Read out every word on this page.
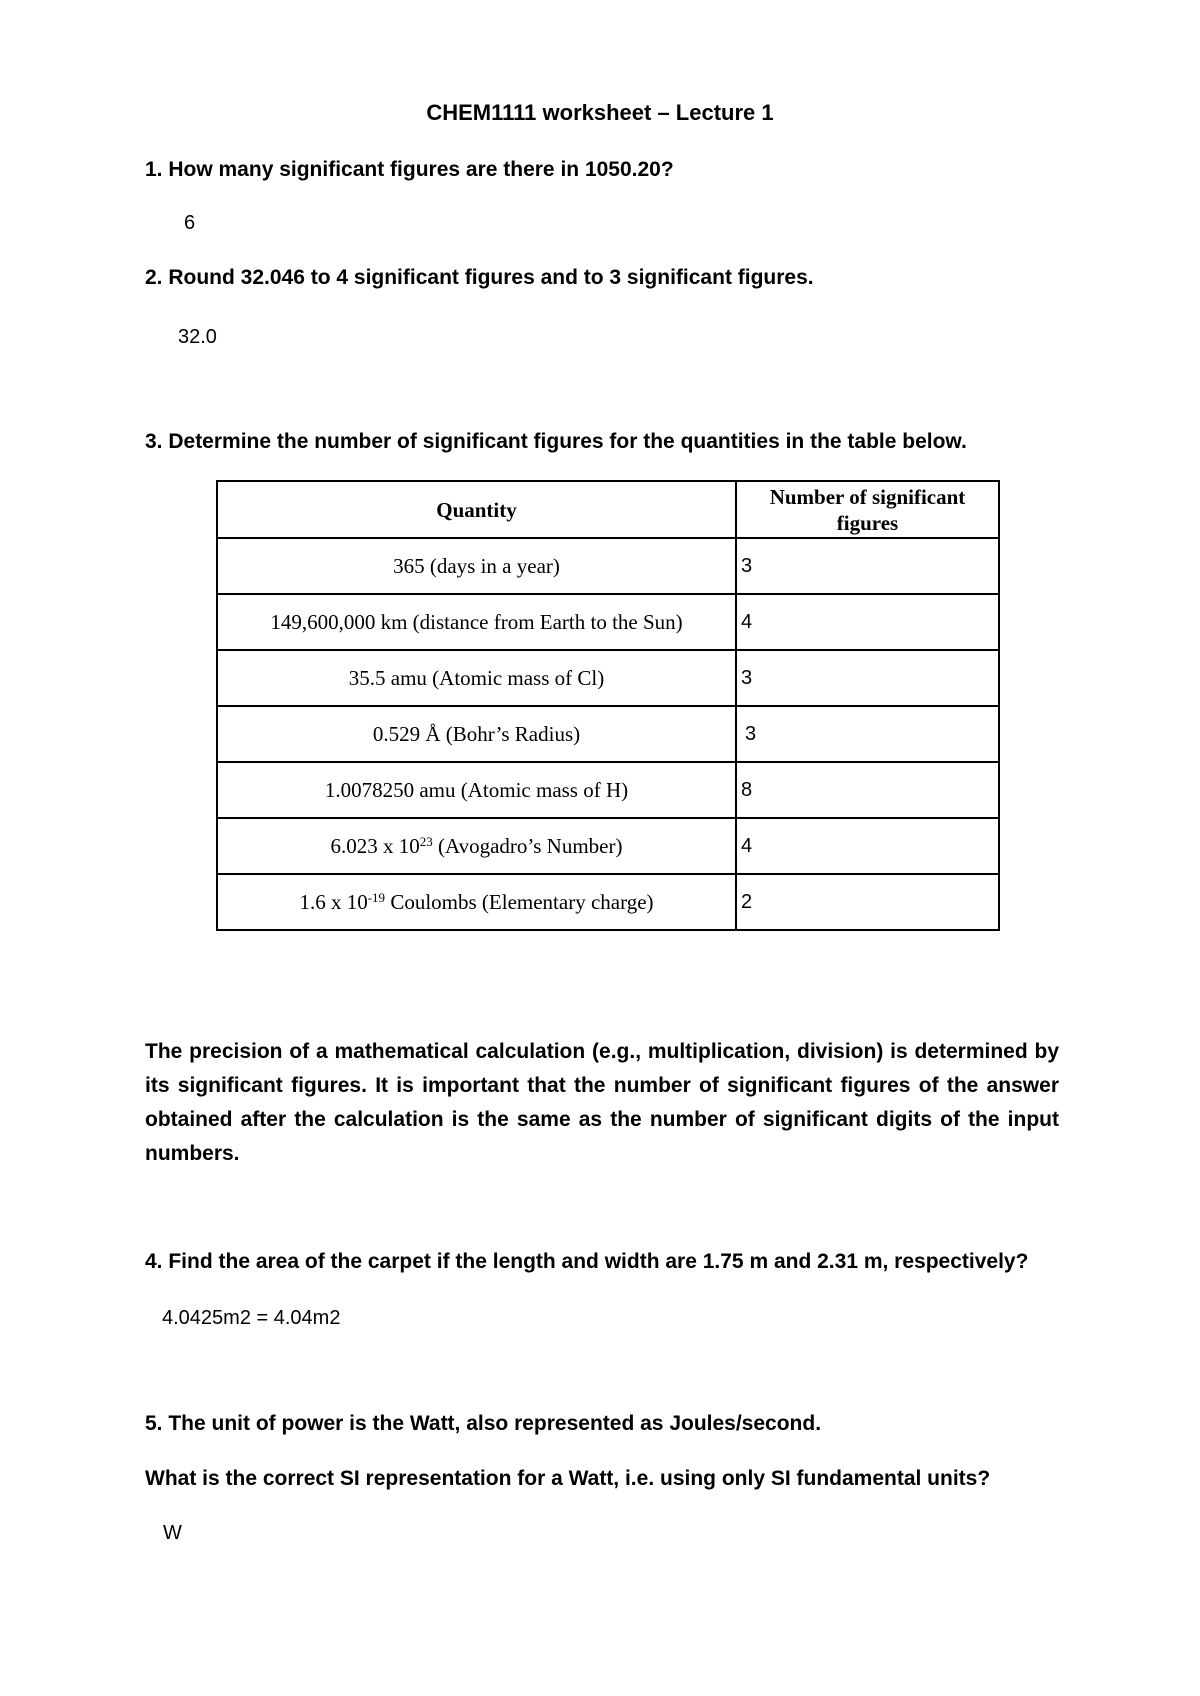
CHEM1111 worksheet – Lecture 1
1. How many significant figures are there in 1050.20?
6
2. Round 32.046 to 4 significant figures and to 3 significant figures.
32.0
3. Determine the number of significant figures for the quantities in the table below.
Quantity	Number of significant figures
365 (days in a year)	3
149,600,000 km (distance from Earth to the Sun)	4
35.5 amu (Atomic mass of Cl)	3
0.529 Å (Bohr’s Radius)	3
1.0078250 amu (Atomic mass of H)	8
6.023 x $10^{23}$ (Avogadro’s Number)	4
1.6 x $10^{-19}$ Coulombs (Elementary charge)	2
The precision of a mathematical calculation (e.g., multiplication, division) is determined by its significant figures. It is important that the number of significant figures of the answer obtained after the calculation is the same as the number of significant digits of the input numbers.
4. Find the area of the carpet if the length and width are 1.75 m and 2.31 m, respectively?
4.0425m2 = 4.04m2
5. The unit of power is the Watt, also represented as Joules/second.
What is the correct SI representation for a Watt, i.e. using only SI fundamental units?
W
